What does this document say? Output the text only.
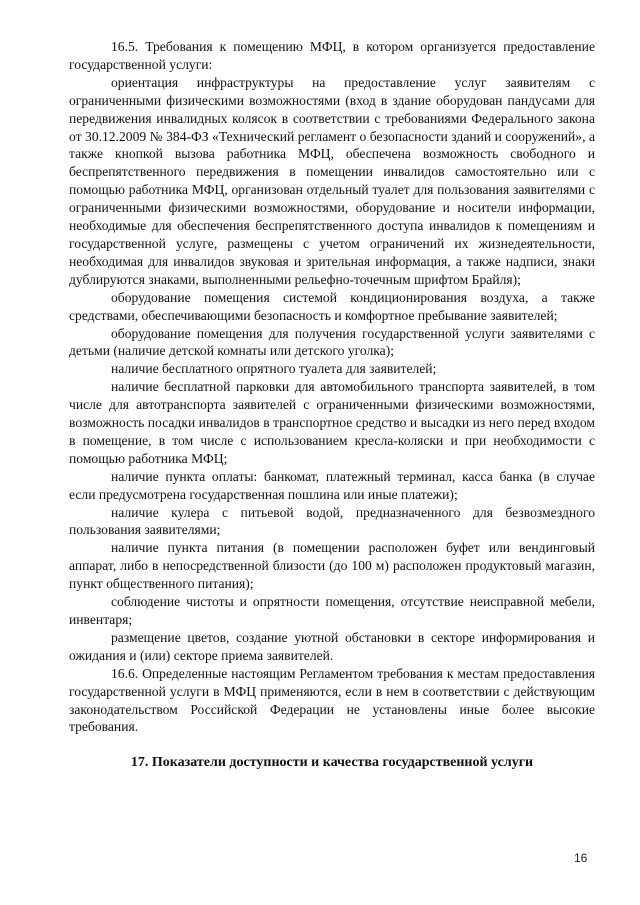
16.5. Требования к помещению МФЦ, в котором организуется предоставление государственной услуги:

ориентация инфраструктуры на предоставление услуг заявителям с ограниченными физическими возможностями (вход в здание оборудован пандусами для передвижения инвалидных колясок в соответствии с требованиями Федерального закона от 30.12.2009 № 384-ФЗ «Технический регламент о безопасности зданий и сооружений», а также кнопкой вызова работника МФЦ, обеспечена возможность свободного и беспрепятственного передвижения в помещении инвалидов самостоятельно или с помощью работника МФЦ, организован отдельный туалет для пользования заявителями с ограниченными физическими возможностями, оборудование и носители информации, необходимые для обеспечения беспрепятственного доступа инвалидов к помещениям и государственной услуге, размещены с учетом ограничений их жизнедеятельности, необходимая для инвалидов звуковая и зрительная информация, а также надписи, знаки дублируются знаками, выполненными рельефно-точечным шрифтом Брайля);

оборудование помещения системой кондиционирования воздуха, а также средствами, обеспечивающими безопасность и комфортное пребывание заявителей;

оборудование помещения для получения государственной услуги заявителями с детьми (наличие детской комнаты или детского уголка);

наличие бесплатного опрятного туалета для заявителей;

наличие бесплатной парковки для автомобильного транспорта заявителей, в том числе для автотранспорта заявителей с ограниченными физическими возможностями, возможность посадки инвалидов в транспортное средство и высадки из него перед входом в помещение, в том числе с использованием кресла-коляски и при необходимости с помощью работника МФЦ;

наличие пункта оплаты: банкомат, платежный терминал, касса банка (в случае если предусмотрена государственная пошлина или иные платежи);

наличие кулера с питьевой водой, предназначенного для безвозмездного пользования заявителями;

наличие пункта питания (в помещении расположен буфет или вендинговый аппарат, либо в непосредственной близости (до 100 м) расположен продуктовый магазин, пункт общественного питания);

соблюдение чистоты и опрятности помещения, отсутствие неисправной мебели, инвентаря;

размещение цветов, создание уютной обстановки в секторе информирования и ожидания и (или) секторе приема заявителей.

16.6. Определенные настоящим Регламентом требования к местам предоставления государственной услуги в МФЦ применяются, если в нем в соответствии с действующим законодательством Российской Федерации не установлены иные более высокие требования.

17. Показатели доступности и качества государственной услуги

16
